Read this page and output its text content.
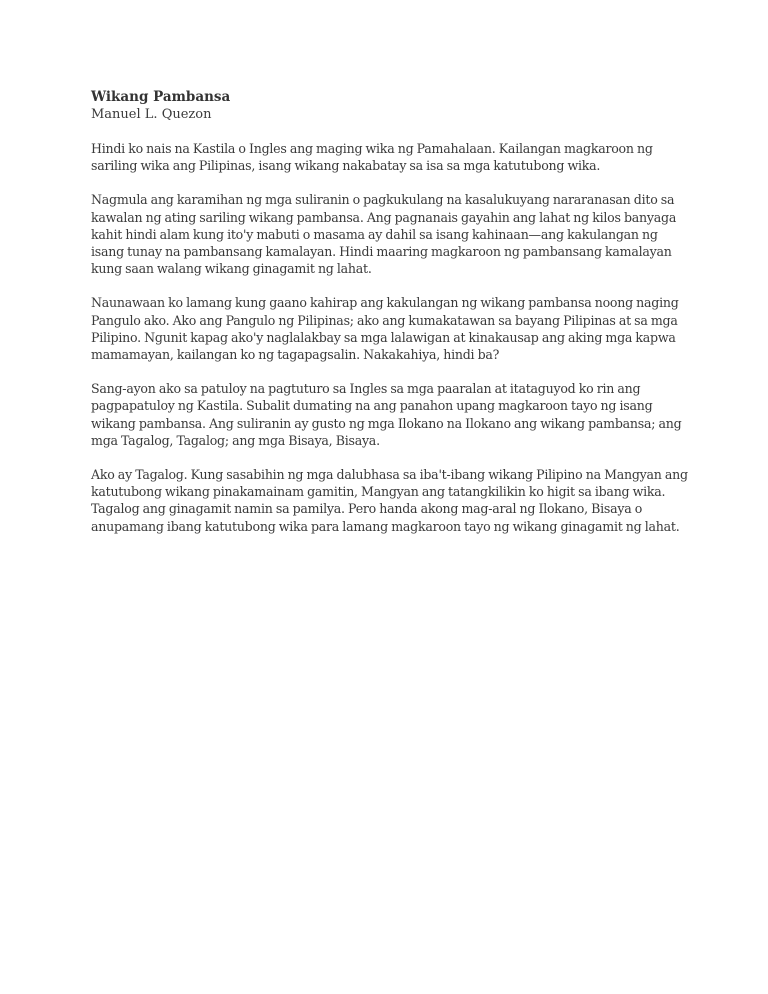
Wikang Pambansa

Manuel L. Quezon

Hindi ko nais na Kastila o Ingles ang maging wika ng Pamahalaan. Kailangan magkaroon ng sariling wika ang Pilipinas, isang wikang nakabatay sa isa sa mga katutubong wika.

Nagmula ang karamihan ng mga suliranin o pagkukulang na kasalukuyang nararanasan dito sa kawalan ng ating sariling wikang pambansa. Ang pagnanais gayahin ang lahat ng kilos banyaga kahit hindi alam kung ito'y mabuti o masama ay dahil sa isang kahinaan—ang kakulangan ng isang tunay na pambansang kamalayan. Hindi maaring magkaroon ng pambansang kamalayan kung saan walang wikang ginagamit ng lahat.

Naunawaan ko lamang kung gaano kahirap ang kakulangan ng wikang pambansa noong naging Pangulo ako. Ako ang Pangulo ng Pilipinas; ako ang kumakatawan sa bayang Pilipinas at sa mga Pilipino. Ngunit kapag ako'y naglalakbay sa mga lalawigan at kinakausap ang aking mga kapwa mamamayan, kailangan ko ng tagapagsalin. Nakakahiya, hindi ba?

Sang-ayon ako sa patuloy na pagtuturo sa Ingles sa mga paaralan at itataguyod ko rin ang pagpapatuloy ng Kastila. Subalit dumating na ang panahon upang magkaroon tayo ng isang wikang pambansa. Ang suliranin ay gusto ng mga Ilokano na Ilokano ang wikang pambansa; ang mga Tagalog, Tagalog; ang mga Bisaya, Bisaya.

Ako ay Tagalog. Kung sasabihin ng mga dalubhasa sa iba't-ibang wikang Pilipino na Mangyan ang katutubong wikang pinakamainam gamitin, Mangyan ang tatangkilikin ko higit sa ibang wika. Tagalog ang ginagamit namin sa pamilya. Pero handa akong mag-aral ng Ilokano, Bisaya o anupamang ibang katutubong wika para lamang magkaroon tayo ng wikang ginagamit ng lahat.
